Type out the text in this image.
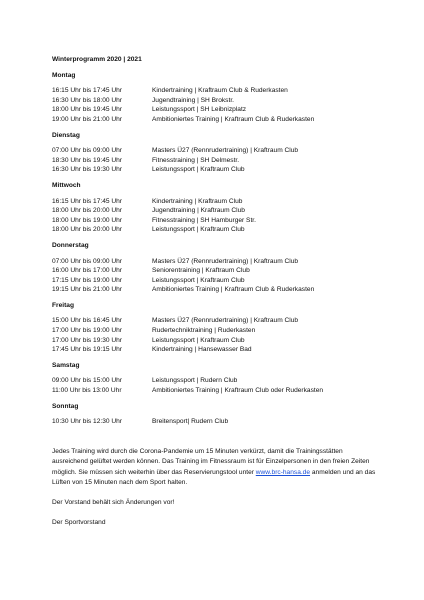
Winterprogramm 2020 | 2021
Montag
16:15 Uhr bis 17:45 Uhr	Kindertraining | Kraftraum Club & Ruderkasten
16:30 Uhr bis 18:00 Uhr	Jugendtraining | SH Brokstr.
18:00 Uhr bis 19:45 Uhr	Leistungssport | SH Leibnizplatz
19:00 Uhr bis 21:00 Uhr	Ambitioniertes Training | Kraftraum Club & Ruderkasten
Dienstag
07:00 Uhr bis 09:00 Uhr	Masters Ü27 (Rennrudertraining) | Kraftraum Club
18:30 Uhr bis 19:45 Uhr	Fitnesstraining | SH Delmestr.
16:30 Uhr bis 19:30 Uhr	Leistungssport | Kraftraum Club
Mittwoch
16:15 Uhr bis 17:45 Uhr	Kindertraining | Kraftraum Club
18:00 Uhr bis 20:00 Uhr	Jugendtraining | Kraftraum Club
18:00 Uhr bis 19:00 Uhr	Fitnesstraining | SH Hamburger Str.
18:00 Uhr bis 20:00 Uhr	Leistungssport | Kraftraum Club
Donnerstag
07:00 Uhr bis 09:00 Uhr	Masters Ü27 (Rennrudertraining) | Kraftraum Club
16:00 Uhr bis 17:00 Uhr	Seniorentraining | Kraftraum Club
17:15 Uhr bis 19:00 Uhr	Leistungssport | Kraftraum Club
19:15 Uhr bis 21:00 Uhr	Ambitioniertes Training | Kraftraum Club & Ruderkasten
Freitag
15:00 Uhr bis 16:45 Uhr	Masters Ü27 (Rennrudertraining) | Kraftraum Club
17:00 Uhr bis 19:00 Uhr	Rudertechniktraining | Ruderkasten
17:00 Uhr bis 19:30 Uhr	Leistungssport | Kraftraum Club
17:45 Uhr bis 19:15 Uhr	Kindertraining | Hansewasser Bad
Samstag
09:00 Uhr bis 15:00 Uhr	Leistungssport | Rudern Club
11:00 Uhr bis 13:00 Uhr	Ambitioniertes Training | Kraftraum Club oder Ruderkasten
Sonntag
10:30 Uhr bis 12:30 Uhr	Breitensport| Rudern Club
Jedes Training wird durch die Corona-Pandemie um 15 Minuten verkürzt, damit die Trainingsstätten ausreichend gelüftet werden können. Das Training im Fitnessraum ist für Einzelpersonen in den freien Zeiten möglich. Sie müssen sich weiterhin über das Reservierungstool unter www.brc-hansa.de anmelden und an das Lüften von 15 Minuten nach dem Sport halten.
Der Vorstand behält sich Änderungen vor!
Der Sportvorstand
